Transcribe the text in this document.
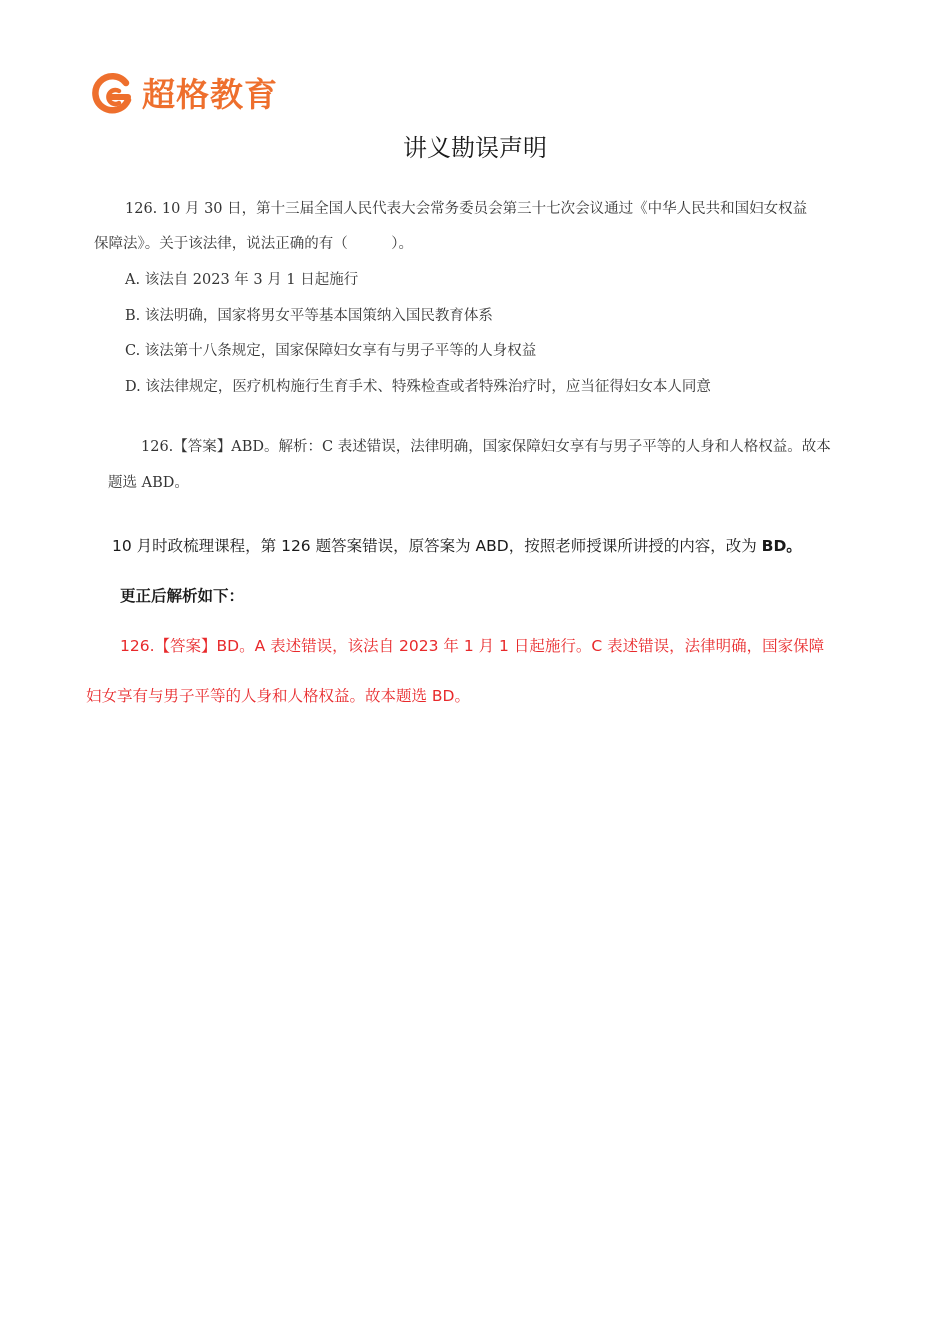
超格教育
讲义勘误声明
126. 10 月 30 日，第十三届全国人民代表大会常务委员会第三十七次会议通过《中华人民共和国妇女权益
保障法》。关于该法律，说法正确的有（　　　）。
A. 该法自 2023 年 3 月 1 日起施行
B. 该法明确，国家将男女平等基本国策纳入国民教育体系
C. 该法第十八条规定，国家保障妇女享有与男子平等的人身权益
D. 该法律规定，医疗机构施行生育手术、特殊检查或者特殊治疗时，应当征得妇女本人同意
126.【答案】ABD。解析：C 表述错误，法律明确，国家保障妇女享有与男子平等的人身和人格权益。故本
题选 ABD。
10 月时政梳理课程，第 126 题答案错误，原答案为 ABD，按照老师授课所讲授的内容，改为 BD。
更正后解析如下：
126.【答案】BD。A 表述错误，该法自 2023 年 1 月 1 日起施行。C 表述错误，法律明确，国家保障
妇女享有与男子平等的人身和人格权益。故本题选 BD。
